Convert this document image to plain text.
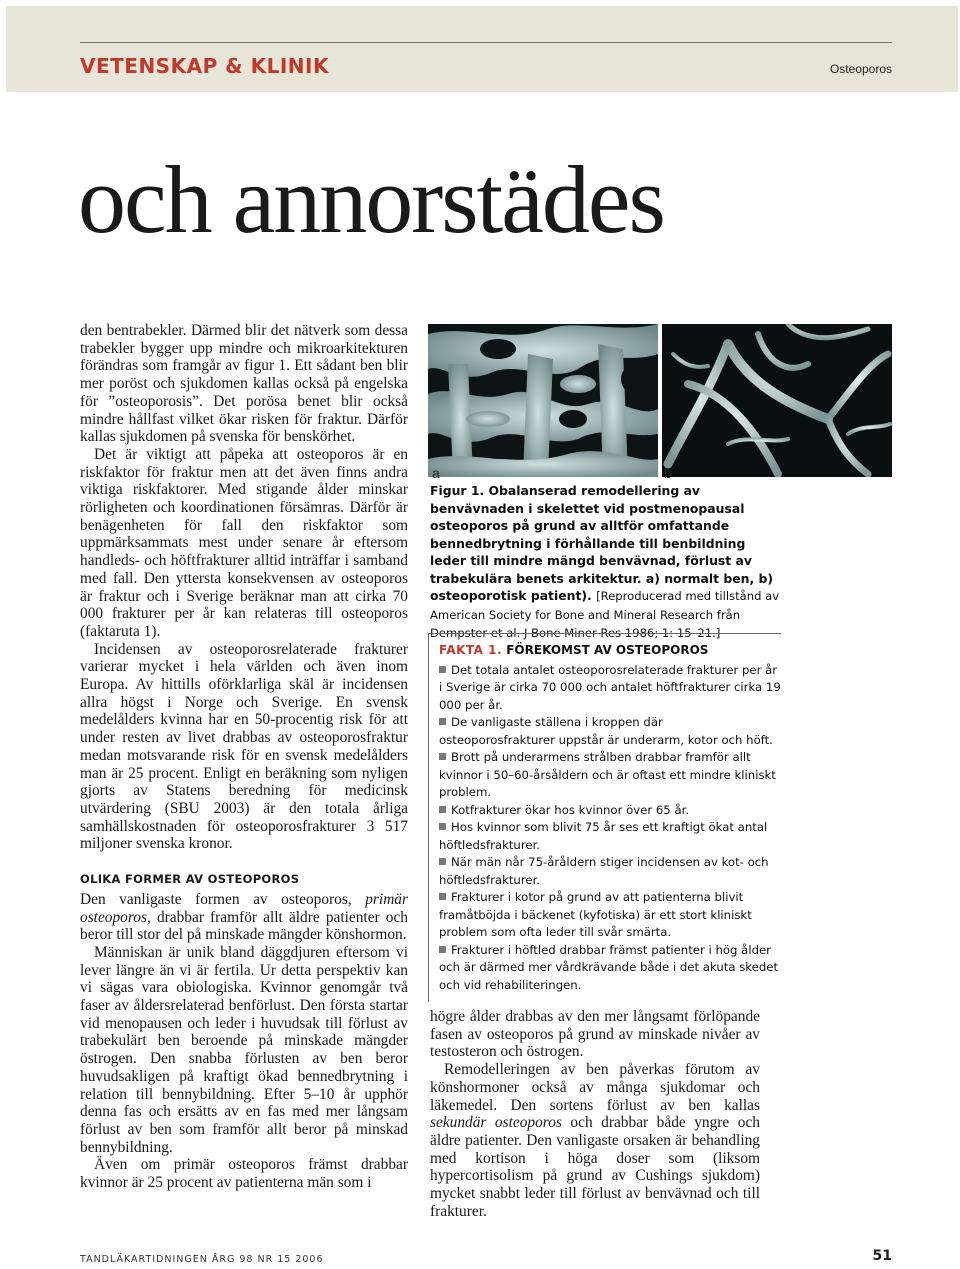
VETENSKAP & KLINIK	Osteoporos
och annorstädes

den bentrabekler. Därmed blir det nätverk som dessa trabekler bygger upp mindre och mikroarkitekturen förändras som framgår av figur 1. Ett sådant ben blir mer poröst och sjukdomen kallas också på engelska för ”osteoporosis”. Det porösa benet blir också mindre hållfast vilket ökar risken för fraktur. Därför kallas sjukdomen på svenska för benskörhet.

Det är viktigt att påpeka att osteoporos är en riskfaktor för fraktur men att det även finns andra viktiga riskfaktorer. Med stigande ålder minskar rörligheten och koordinationen försämras. Därför är benägenheten för fall den riskfaktor som uppmärksammats mest under senare år eftersom handleds- och höftfrakturer alltid inträffar i samband med fall. Den yttersta konsekvensen av osteoporos är fraktur och i Sverige beräknar man att cirka 70 000 frakturer per år kan relateras till osteoporos (faktaruta 1).

Incidensen av osteoporosrelaterade frakturer varierar mycket i hela världen och även inom Europa. Av hittills oförklarliga skäl är incidensen allra högst i Norge och Sverige. En svensk medelålders kvinna har en 50-procentig risk för att under resten av livet drabbas av osteoporosfraktur medan motsvarande risk för en svensk medelålders man är 25 procent. Enligt en beräkning som nyligen gjorts av Statens beredning för medicinsk utvärdering (SBU 2003) är den totala årliga samhällskostnaden för osteoporosfrakturer 3 517 miljoner svenska kronor.

OLIKA FORMER AV OSTEOPOROS

Den vanligaste formen av osteoporos, primär osteoporos, drabbar framför allt äldre patienter och beror till stor del på minskade mängder könshormon.

Människan är unik bland däggdjuren eftersom vi lever längre än vi är fertila. Ur detta perspektiv kan vi sägas vara obiologiska. Kvinnor genomgår två faser av åldersrelaterad benförlust. Den första startar vid menopausen och leder i huvudsak till förlust av trabekulärt ben beroende på minskade mängder östrogen. Den snabba förlusten av ben beror huvudsakligen på kraftigt ökad bennedbrytning i relation till bennybildning. Efter 5–10 år upphör denna fas och ersätts av en fas med mer långsam förlust av ben som framför allt beror på minskad bennybildning.

Även om primär osteoporos främst drabbar kvinnor är 25 procent av patienterna män som i

a	b
Figur 1. Obalanserad remodellering av benvävnaden i skelettet vid postmenopausal osteoporos på grund av alltför omfattande bennedbrytning i förhållande till benbildning leder till mindre mängd benvävnad, förlust av trabekulära benets arkitektur. a) normalt ben, b) osteoporotisk patient). [Reproducerad med tillstånd av American Society for Bone and Mineral Research från Dempster et al. J Bone Miner Res 1986; 1: 15–21.]
FAKTA 1. FÖREKOMST AV OSTEOPOROS
Det totala antalet osteoporosrelaterade frakturer per år i Sverige är cirka 70 000 och antalet höftfrakturer cirka 19 000 per år.
De vanligaste ställena i kroppen där osteoporosfrakturer uppstår är underarm, kotor och höft.
Brott på underarmens strålben drabbar framför allt kvinnor i 50–60-årsåldern och är oftast ett mindre kliniskt problem.
Kotfrakturer ökar hos kvinnor över 65 år.
Hos kvinnor som blivit 75 år ses ett kraftigt ökat antal höftledsfrakturer.
När män når 75-åråldern stiger incidensen av kot- och höftledsfrakturer.
Frakturer i kotor på grund av att patienterna blivit framåtböjda i bäckenet (kyfotiska) är ett stort kliniskt problem som ofta leder till svår smärta.
Frakturer i höftled drabbar främst patienter i hög ålder och är därmed mer vårdkrävande både i det akuta skedet och vid rehabiliteringen.

högre ålder drabbas av den mer långsamt förlöpande fasen av osteoporos på grund av minskade nivåer av testosteron och östrogen.

Remodelleringen av ben påverkas förutom av könshormoner också av många sjukdomar och läkemedel. Den sortens förlust av ben kallas sekundär osteoporos och drabbar både yngre och äldre patienter. Den vanligaste orsaken är behandling med kortison i höga doser som (liksom hypercortisolism på grund av Cushings sjukdom) mycket snabbt leder till förlust av benvävnad och till frakturer.

TANDLÄKARTIDNINGEN ÅRG 98 NR 15 2006	51
